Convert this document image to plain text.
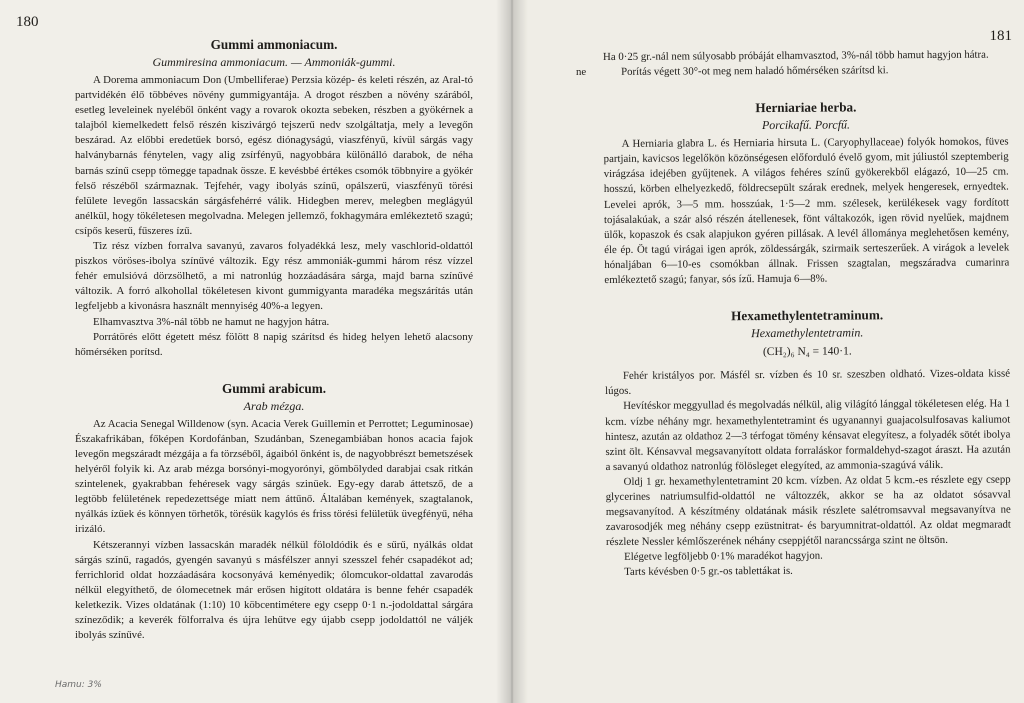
180
Gummi ammoniacum.
Gummiresina ammoniacum. — Ammoniák-gummi.

A Dorema ammoniacum Don (Umbelliferae) Perzsia közép- és keleti részén, az Aral-tó partvidékén élő többéves növény gummigyantája. A drogot részben a növény szárából, esetleg leveleinek nyeléből önként vagy a rovarok okozta sebeken, részben a gyökérnek a talajból kiemelkedett felső részén kiszivárgó tejszerű nedv szolgáltatja, mely a levegőn beszárad. Az előbbi eredetűek borsó, egész diónagyságú, viaszfényű, kívül sárgás vagy halványbarnás fénytelen, vagy alig zsírfényű, nagyobbára különálló darabok, de néha barnás színű csepp tömegge tapadnak össze. E kevésbbé értékes csomók többnyire a gyökér felső részéből származnak. Tejfehér, vagy ibolyás színű, opálszerű, viaszfényű törési felülete levegőn lassacskán sárgásfehérré válik. Hidegben merev, melegben meglágyúl anélkül, hogy tökéletesen megolvadna. Melegen jellemző, fokhagymára emlékeztető szagú; csípős keserű, fűszeres ízű.

Tiz rész vízben forralva savanyú, zavaros folyadékká lesz, mely vaschlorid-oldattól piszkos vöröses-ibolya színűvé változik. Egy rész ammoniák-gummi három rész vízzel fehér emulsióvá dörzsölhető, a mi natronlúg hozzáadására sárga, majd barna színűvé változik. A forró alkohollal tökéletesen kivont gummigyanta maradéka megszárítás után legfeljebb a kivonásra használt mennyiség 40%-a legyen.

Elhamvasztva 3%-nál több ne hamut ne hagyjon hátra.

Porrátörés előtt égetett mész fölött 8 napig szárítsd és hideg helyen lehető alacsony hőmérséken porítsd.

Gummi arabicum.
Arab mézga.

Az Acacia Senegal Willdenow (syn. Acacia Verek Guillemin et Perrottet; Leguminosae) Északafrikában, főképen Kordofánban, Szudánban, Szenegambiában honos acacia fajok levegőn megszáradt mézgája a fa törzséből, ágaiból önként is, de nagyobbrészt bemetszések helyéről folyik ki. Az arab mézga borsónyi-mogyorónyi, gömbölyded darabjai csak ritkán szintelenek, gyakrabban fehéresek vagy sárgás szinüek. Egy-egy darab áttetsző, de a legtöbb felületének repedezettsége miatt nem áttűnő. Általában kemények, szagtalanok, nyálkás ízűek és könnyen törhetők, törésük kagylós és friss törési felületük üvegfényű, néha irizáló.

Kétszerannyi vízben lassacskán maradék nélkül föloldódik és e sűrű, nyálkás oldat sárgás színű, ragadós, gyengén savanyú s másfélszer annyi szesszel fehér csapadékot ad; ferrichlorid oldat hozzáadására kocsonyává keményedik; ólomcukor-oldattal zavarodás nélkül elegyíthető, de ólomecetnek már erősen higított oldatára is benne fehér csapadék keletkezik. Vizes oldatának (1:10) 10 köbcentimétere egy csepp 0·1 n.-jodoldattal sárgára színeződik; a keverék fölforralva és újra lehűtve egy újabb csepp jodoldattól ne váljék ibolyás színűvé.

Hamu: 3%
181
ne

Ha 0·25 gr.-nál nem súlyosabb próbáját elhamvasztod, 3%-nál több hamut hagyjon hátra.

Porítás végett 30°-ot meg nem haladó hőmérséken szárítsd ki.

Herniariae herba.
Porcikafű. Porcfű.

A Herniaria glabra L. és Herniaria hirsuta L. (Caryophyllaceae) folyók homokos, füves partjain, kavicsos legelőkön közönségesen előforduló évelő gyom, mit júliustól szeptemberig virágzása idejében gyűjtenek. A világos fehéres színű gyökerekből elágazó, 10—25 cm. hosszú, körben elhelyezkedő, földrecsepült szárak erednek, melyek hengeresek, ernyedtek. Levelei aprók, 3—5 mm. hosszúak, 1·5—2 mm. szélesek, kerülékesek vagy fordított tojásalakúak, a szár alsó részén átellenesek, fönt váltakozók, igen rövid nyelűek, majdnem ülők, kopaszok és csak alapjukon gyéren pillásak. A levél állománya meglehetősen kemény, éle ép. Öt tagú virágai igen aprók, zöldessárgák, szirmaik serteszerűek. A virágok a levelek hónaljában 6—10-es csomókban állnak. Frissen szagtalan, megszáradva cumarinra emlékeztető szagú; fanyar, sós ízű. Hamuja 6—8%.

Hexamethylentetraminum.
Hexamethylentetramin.
(CH₂)₆ N₄ = 140·1.

Fehér kristályos por. Másfél sr. vízben és 10 sr. szeszben oldható. Vizes-oldata kissé lúgos.

Hevítéskor meggyullad és megolvadás nélkül, alig világító lánggal tökéletesen elég. Ha 1 kcm. vízbe néhány mgr. hexamethylentetramint és ugyanannyi guajacolsulfosavas kaliumot hintesz, azután az oldathoz 2—3 térfogat tömény kénsavat elegyítesz, a folyadék sötét ibolya szint ölt. Kénsavval megsavanyított oldata forraláskor formaldehyd-szagot áraszt. Ha azután a savanyú oldathoz natronlúg fölösleget elegyíted, az ammonia-szagúvá válik.

Oldj 1 gr. hexamethylentetramint 20 kcm. vízben. Az oldat 5 kcm.-es részlete egy csepp glycerines natriumsulfid-oldattól ne változzék, akkor se ha az oldatot sósavval megsavanyítod. A készítmény oldatának másik részlete salétromsavval megsavanyítva ne zavarosodjék meg néhány csepp ezüstnitrat- és baryumnitrat-oldattól. Az oldat megmaradt részlete Nessler kémlőszerének néhány cseppjétől narancssárga szint ne öltsön.

Elégetve legföljebb 0·1% maradékot hagyjon.

Tarts kévésben 0·5 gr.-os tablettákat is.
